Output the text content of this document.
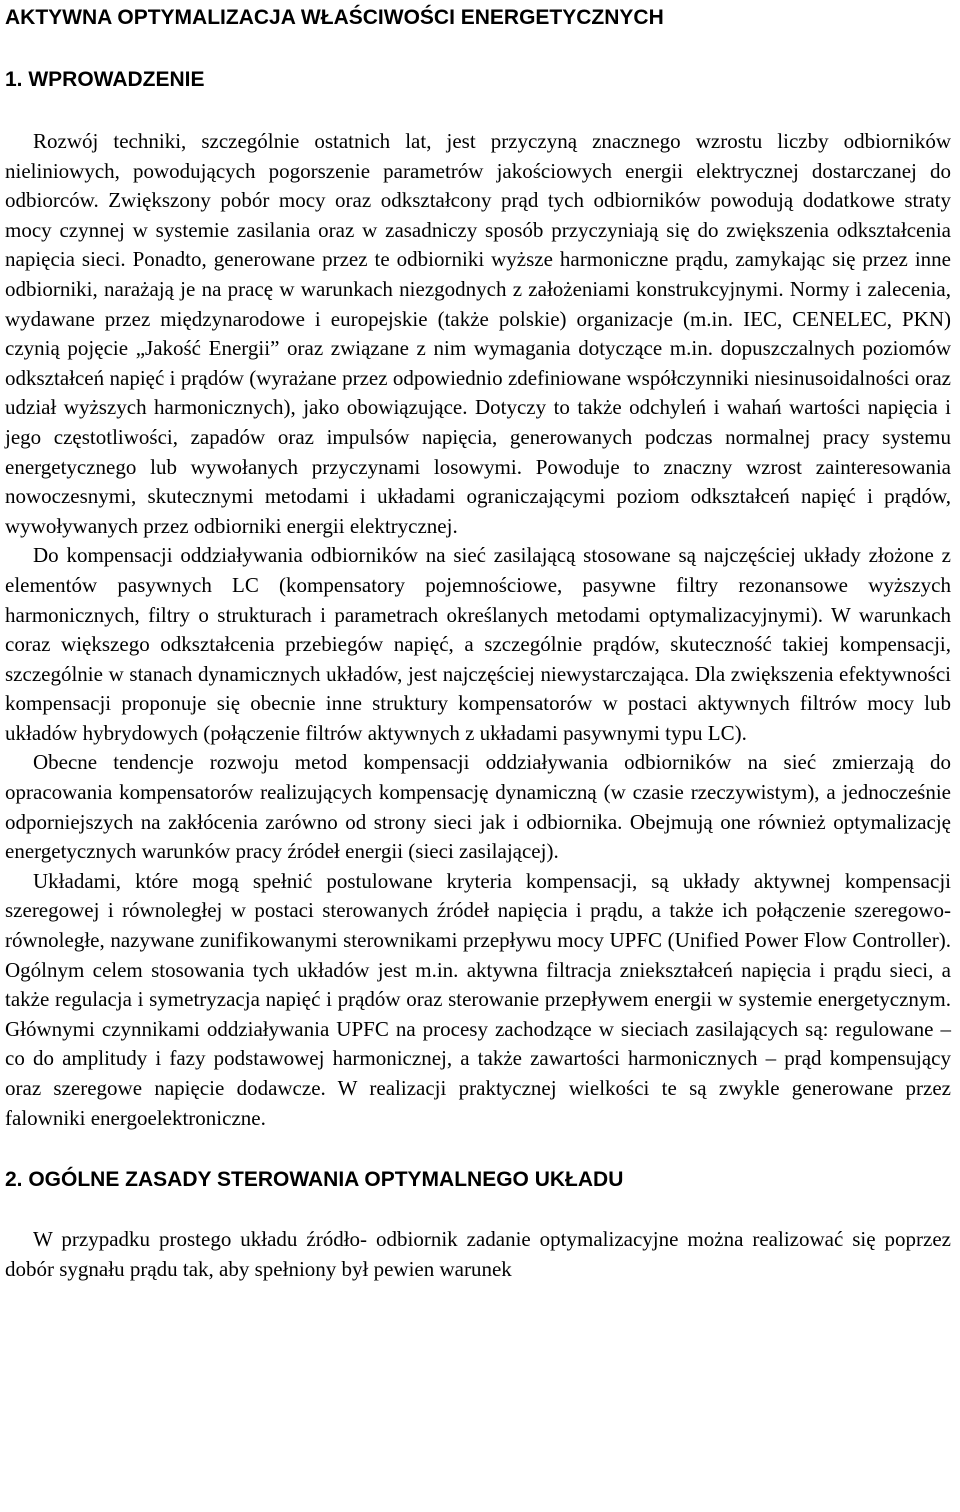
AKTYWNA OPTYMALIZACJA WŁAŚCIWOŚCI ENERGETYCZNYCH
1. WPROWADZENIE

Rozwój techniki, szczególnie ostatnich lat, jest przyczyną znacznego wzrostu liczby odbiorników nieliniowych, powodujących pogorszenie parametrów jakościowych energii elektrycznej dostarczanej do odbiorców. Zwiększony pobór mocy oraz odkształcony prąd tych odbiorników powodują dodatkowe straty mocy czynnej w systemie zasilania oraz w zasadniczy sposób przyczyniają się do zwiększenia odkształcenia napięcia sieci. Ponadto, generowane przez te odbiorniki wyższe harmoniczne prądu, zamykając się przez inne odbiorniki, narażają je na pracę w warunkach niezgodnych z założeniami konstrukcyjnymi. Normy i zalecenia, wydawane przez międzynarodowe i europejskie (także polskie) organizacje (m.in. IEC, CENELEC, PKN) czynią pojęcie „Jakość Energii” oraz związane z nim wymagania dotyczące m.in. dopuszczalnych poziomów odkształceń napięć i prądów (wyrażane przez odpowiednio zdefiniowane współczynniki niesinusoidalności oraz udział wyższych harmonicznych), jako obowiązujące. Dotyczy to także odchyleń i wahań wartości napięcia i jego częstotliwości, zapadów oraz impulsów napięcia, generowanych podczas normalnej pracy systemu energetycznego lub wywołanych przyczynami losowymi. Powoduje to znaczny wzrost zainteresowania nowoczesnymi, skutecznymi metodami i układami ograniczającymi poziom odkształceń napięć i prądów, wywoływanych przez odbiorniki energii elektrycznej.

Do kompensacji oddziaływania odbiorników na sieć zasilającą stosowane są najczęściej układy złożone z elementów pasywnych LC (kompensatory pojemnościowe, pasywne filtry rezonansowe wyższych harmonicznych, filtry o strukturach i parametrach określanych metodami optymalizacyjnymi). W warunkach coraz większego odkształcenia przebiegów napięć, a szczególnie prądów, skuteczność takiej kompensacji, szczególnie w stanach dynamicznych układów, jest najczęściej niewystarczająca. Dla zwiększenia efektywności kompensacji proponuje się obecnie inne struktury kompensatorów w postaci aktywnych filtrów mocy lub układów hybrydowych (połączenie filtrów aktywnych z układami pasywnymi typu LC).

Obecne tendencje rozwoju metod kompensacji oddziaływania odbiorników na sieć zmierzają do opracowania kompensatorów realizujących kompensację dynamiczną (w czasie rzeczywistym), a jednocześnie odporniejszych na zakłócenia zarówno od strony sieci jak i odbiornika. Obejmują one również optymalizację energetycznych warunków pracy źródeł energii (sieci zasilającej).

Układami, które mogą spełnić postulowane kryteria kompensacji, są układy aktywnej kompensacji szeregowej i równoległej w postaci sterowanych źródeł napięcia i prądu, a także ich połączenie szeregowo- równoległe, nazywane zunifikowanymi sterownikami przepływu mocy UPFC (Unified Power Flow Controller). Ogólnym celem stosowania tych układów jest m.in. aktywna filtracja zniekształceń napięcia i prądu sieci, a także regulacja i symetryzacja napięć i prądów oraz sterowanie przepływem energii w systemie energetycznym. Głównymi czynnikami oddziaływania UPFC na procesy zachodzące w sieciach zasilających są: regulowane – co do amplitudy i fazy podstawowej harmonicznej, a także zawartości harmonicznych – prąd kompensujący oraz szeregowe napięcie dodawcze. W realizacji praktycznej wielkości te są zwykle generowane przez falowniki energoelektroniczne.

2. OGÓLNE ZASADY STEROWANIA OPTYMALNEGO UKŁADU

W przypadku prostego układu źródło- odbiornik zadanie optymalizacyjne można realizować się poprzez dobór sygnału prądu tak, aby spełniony był pewien warunek
